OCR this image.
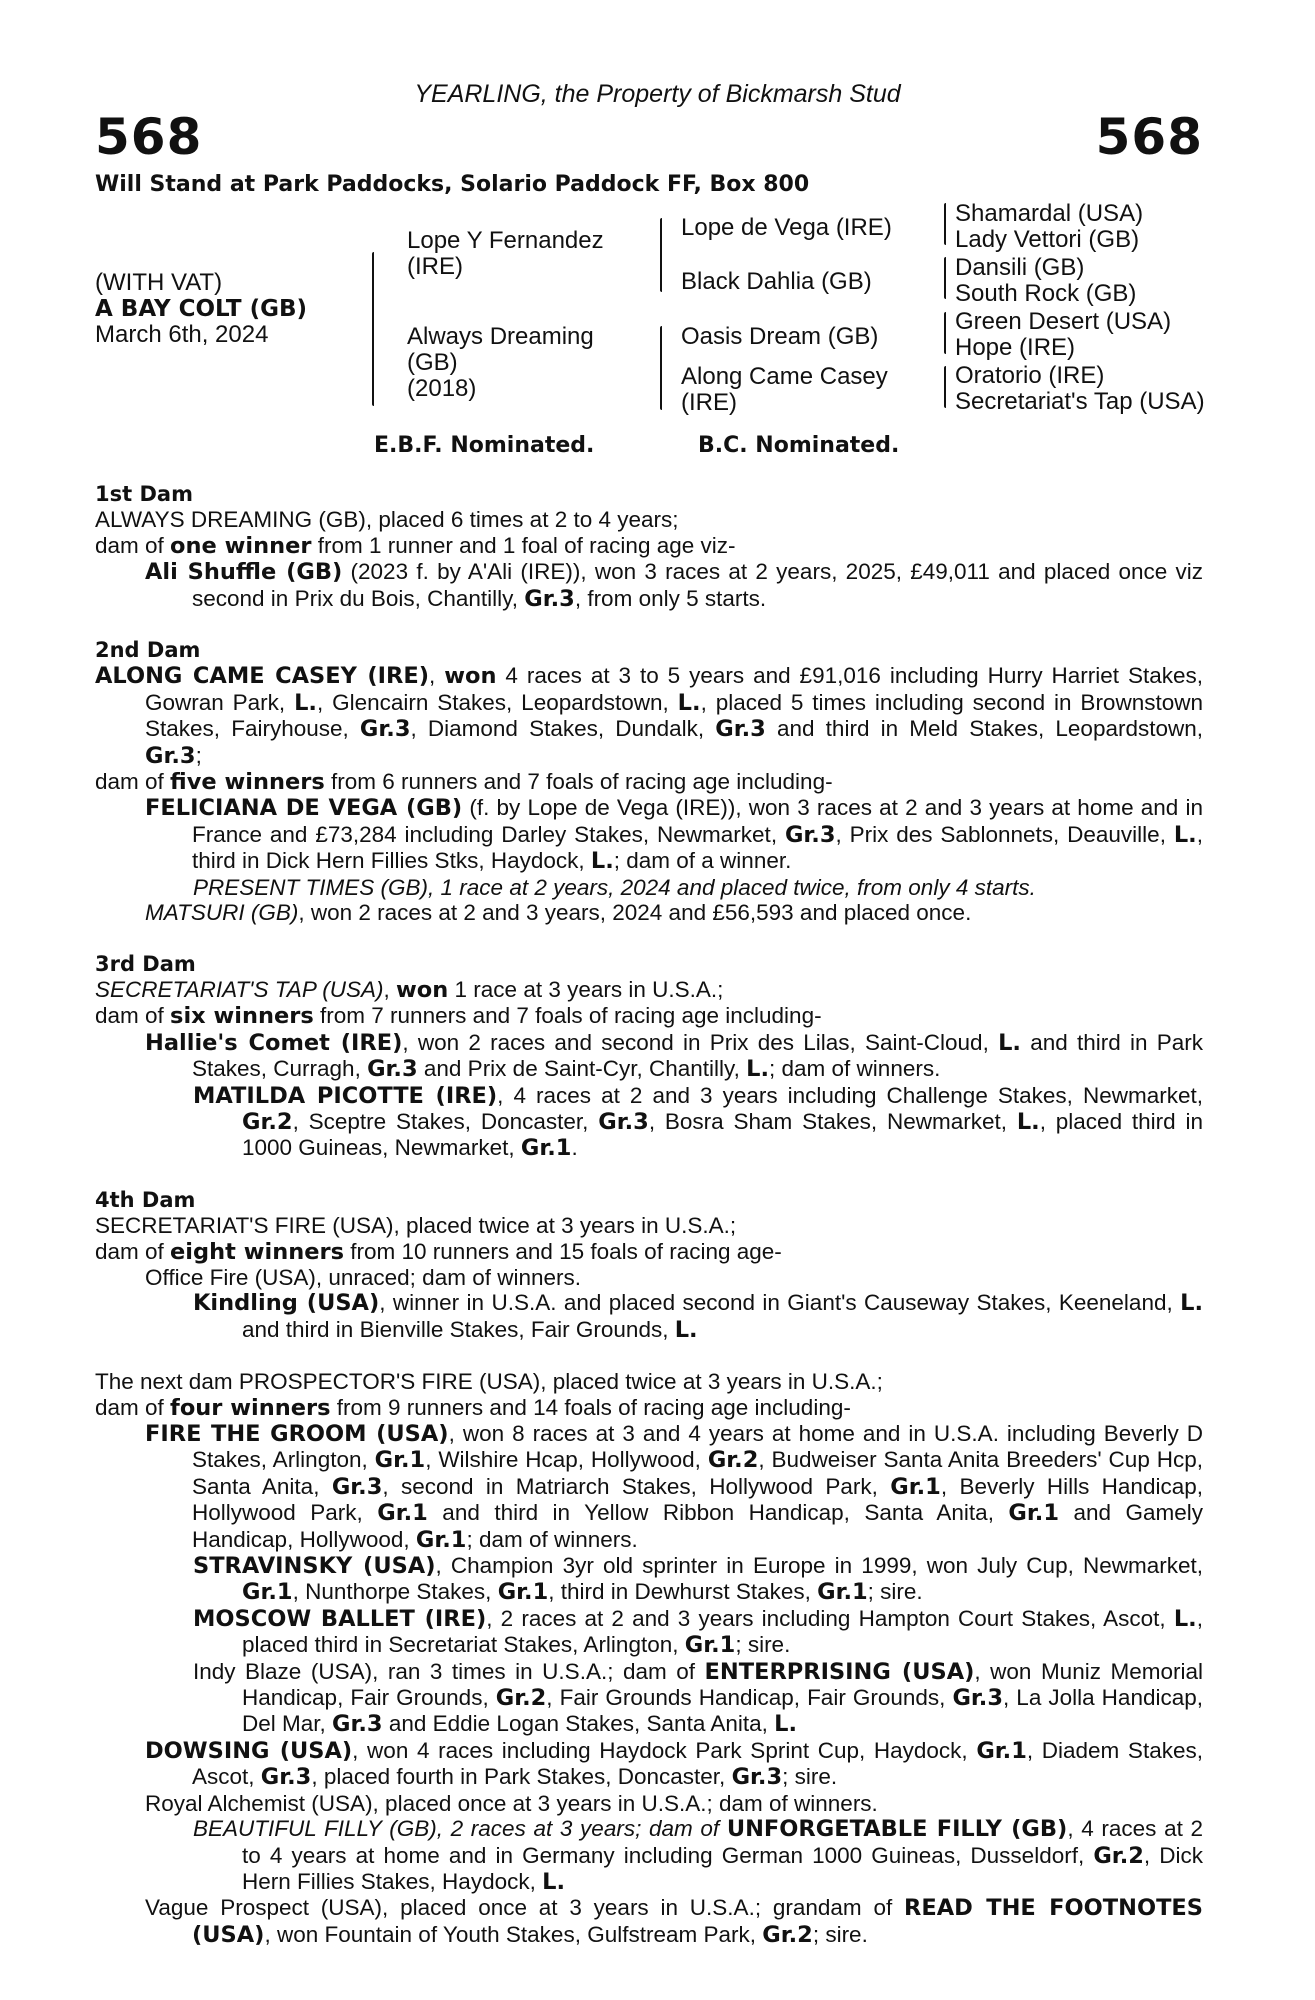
YEARLING, the Property of Bickmarsh Stud
568	568
Will Stand at Park Paddocks, Solario Paddock FF, Box 800
(WITH VAT)
A BAY COLT (GB)
March 6th, 2024
Lope Y Fernandez
(IRE)
Always Dreaming
(GB)
(2018)
Lope de Vega (IRE)
Black Dahlia (GB)
Oasis Dream (GB)
Along Came Casey
(IRE)
Shamardal (USA)
Lady Vettori (GB)
Dansili (GB)
South Rock (GB)
Green Desert (USA)
Hope (IRE)
Oratorio (IRE)
Secretariat's Tap (USA)
E.B.F. Nominated.	B.C. Nominated.
1st Dam

ALWAYS DREAMING (GB), placed 6 times at 2 to 4 years;

dam of one winner from 1 runner and 1 foal of racing age viz-

Ali Shuffle (GB) (2023 f. by A'Ali (IRE)), won 3 races at 2 years, 2025, £49,011 and placed once viz second in Prix du Bois, Chantilly, Gr.3, from only 5 starts.

2nd Dam

ALONG CAME CASEY (IRE), won 4 races at 3 to 5 years and £91,016 including Hurry Harriet Stakes, Gowran Park, L., Glencairn Stakes, Leopardstown, L., placed 5 times including second in Brownstown Stakes, Fairyhouse, Gr.3, Diamond Stakes, Dundalk, Gr.3 and third in Meld Stakes, Leopardstown, Gr.3;

dam of five winners from 6 runners and 7 foals of racing age including-

FELICIANA DE VEGA (GB) (f. by Lope de Vega (IRE)), won 3 races at 2 and 3 years at home and in France and £73,284 including Darley Stakes, Newmarket, Gr.3, Prix des Sablonnets, Deauville, L., third in Dick Hern Fillies Stks, Haydock, L.; dam of a winner.

PRESENT TIMES (GB), 1 race at 2 years, 2024 and placed twice, from only 4 starts.

MATSURI (GB), won 2 races at 2 and 3 years, 2024 and £56,593 and placed once.

3rd Dam

SECRETARIAT'S TAP (USA), won 1 race at 3 years in U.S.A.;

dam of six winners from 7 runners and 7 foals of racing age including-

Hallie's Comet (IRE), won 2 races and second in Prix des Lilas, Saint-Cloud, L. and third in Park Stakes, Curragh, Gr.3 and Prix de Saint-Cyr, Chantilly, L.; dam of winners.

MATILDA PICOTTE (IRE), 4 races at 2 and 3 years including Challenge Stakes, Newmarket, Gr.2, Sceptre Stakes, Doncaster, Gr.3, Bosra Sham Stakes, Newmarket, L., placed third in 1000 Guineas, Newmarket, Gr.1.

4th Dam

SECRETARIAT'S FIRE (USA), placed twice at 3 years in U.S.A.;

dam of eight winners from 10 runners and 15 foals of racing age-

Office Fire (USA), unraced; dam of winners.

Kindling (USA), winner in U.S.A. and placed second in Giant's Causeway Stakes, Keeneland, L. and third in Bienville Stakes, Fair Grounds, L.

The next dam PROSPECTOR'S FIRE (USA), placed twice at 3 years in U.S.A.;

dam of four winners from 9 runners and 14 foals of racing age including-

FIRE THE GROOM (USA), won 8 races at 3 and 4 years at home and in U.S.A. including Beverly D Stakes, Arlington, Gr.1, Wilshire Hcap, Hollywood, Gr.2, Budweiser Santa Anita Breeders' Cup Hcp, Santa Anita, Gr.3, second in Matriarch Stakes, Hollywood Park, Gr.1, Beverly Hills Handicap, Hollywood Park, Gr.1 and third in Yellow Ribbon Handicap, Santa Anita, Gr.1 and Gamely Handicap, Hollywood, Gr.1; dam of winners.

STRAVINSKY (USA), Champion 3yr old sprinter in Europe in 1999, won July Cup, Newmarket, Gr.1, Nunthorpe Stakes, Gr.1, third in Dewhurst Stakes, Gr.1; sire.

MOSCOW BALLET (IRE), 2 races at 2 and 3 years including Hampton Court Stakes, Ascot, L., placed third in Secretariat Stakes, Arlington, Gr.1; sire.

Indy Blaze (USA), ran 3 times in U.S.A.; dam of ENTERPRISING (USA), won Muniz Memorial Handicap, Fair Grounds, Gr.2, Fair Grounds Handicap, Fair Grounds, Gr.3, La Jolla Handicap, Del Mar, Gr.3 and Eddie Logan Stakes, Santa Anita, L.

DOWSING (USA), won 4 races including Haydock Park Sprint Cup, Haydock, Gr.1, Diadem Stakes, Ascot, Gr.3, placed fourth in Park Stakes, Doncaster, Gr.3; sire.

Royal Alchemist (USA), placed once at 3 years in U.S.A.; dam of winners.

BEAUTIFUL FILLY (GB), 2 races at 3 years; dam of UNFORGETABLE FILLY (GB), 4 races at 2 to 4 years at home and in Germany including German 1000 Guineas, Dusseldorf, Gr.2, Dick Hern Fillies Stakes, Haydock, L.

Vague Prospect (USA), placed once at 3 years in U.S.A.; grandam of READ THE FOOTNOTES (USA), won Fountain of Youth Stakes, Gulfstream Park, Gr.2; sire.
